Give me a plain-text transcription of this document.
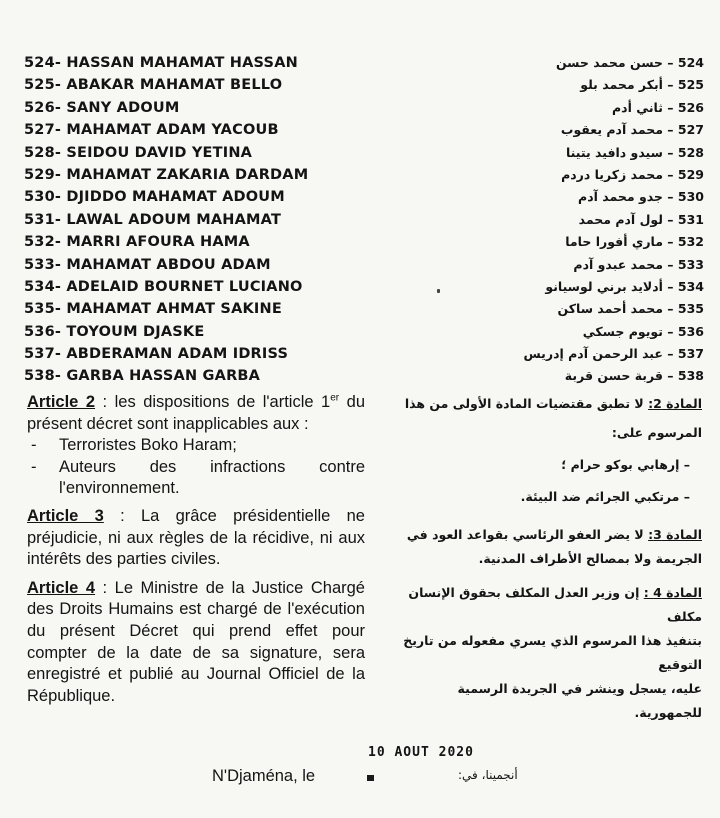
524- HASSAN MAHAMAT HASSAN	524 – حسن محمد حسن
525- ABAKAR MAHAMAT BELLO	525 – أبكر محمد بلو
526- SANY ADOUM	526 – ثاني أدم
527- MAHAMAT ADAM YACOUB	527 – محمد آدم يعقوب
528- SEIDOU DAVID YETINA	528 – سيدو دافيد يتينا
529- MAHAMAT ZAKARIA DARDAM	529 – محمد زكريا دردم
530- DJIDDO MAHAMAT ADOUM	530 – جدو محمد آدم
531- LAWAL ADOUM MAHAMAT	531 – لول آدم محمد
532- MARRI AFOURA HAMA	532 – ماري أفورا حاما
533- MAHAMAT ABDOU ADAM	533 – محمد عبدو آدم
534- ADELAID BOURNET LUCIANO	534 – أدلايد برني لوسيانو
535- MAHAMAT AHMAT SAKINE	535 – محمد أحمد ساكن
536- TOYOUM DJASKE	536 – تويوم جسكي
537- ABDERAMAN ADAM IDRISS	537 – عبد الرحمن آدم إدريس
538- GARBA HASSAN GARBA	538 – قربة حسن قربة
Article 2 : les dispositions de l'article 1er du présent décret sont inapplicables aux :
- Terroristes Boko Haram;
- Auteurs des infractions contre l'environnement.
Article 3 : La grâce présidentielle ne préjudicie, ni aux règles de la récidive, ni aux intérêts des parties civiles.
Article 4 : Le Ministre de la Justice Chargé des Droits Humains est chargé de l'exécution du présent Décret qui prend effet pour compter de la date de sa signature, sera enregistré et publié au Journal Officiel de la République.

المادة 2: لا تطبق مقتضيات المادة الأولى من هذا

المرسوم على:

– إرهابي بوكو حرام ؛

– مرتكبي الجرائم ضد البيئة.

المادة 3: لا يضر العفو الرئاسي بقواعد العود في

الجريمة ولا بمصالح الأطراف المدنية.

المادة 4 : إن وزير العدل المكلف بحقوق الإنسان مكلف

بتنفيذ هذا المرسوم الذي يسري مفعوله من تاريخ التوقيع

عليه، يسجل وينشر في الجريدة الرسمية للجمهورية.

10 AOUT 2020
N'Djaména, le	أنجمينا، في:
